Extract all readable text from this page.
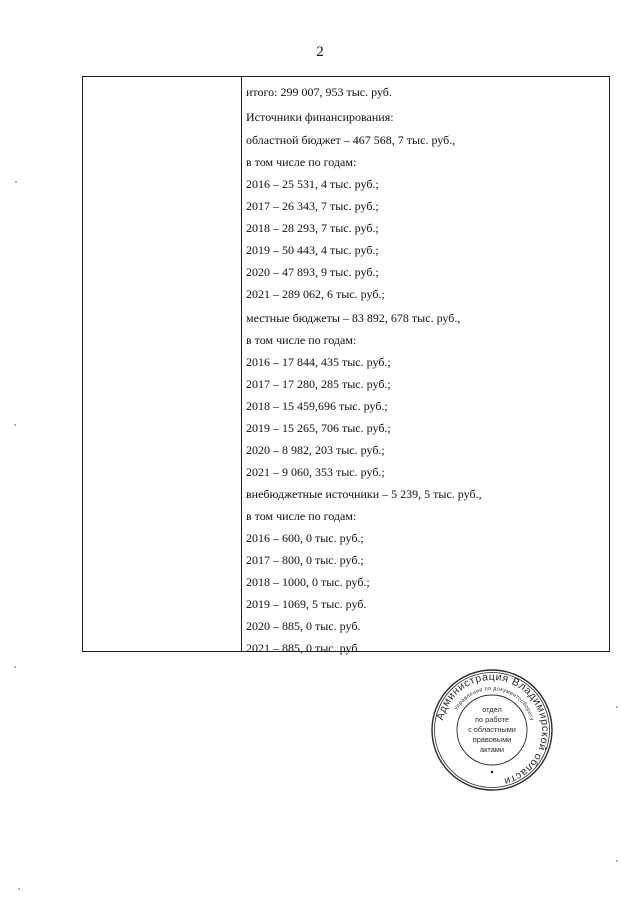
2
итого: 299 007, 953 тыс. руб.
Источники финансирования:
областной бюджет – 467 568, 7 тыс. руб.,
в том числе по годам:
2016 – 25 531, 4 тыс. руб.;
2017 – 26 343, 7 тыс. руб.;
2018 – 28 293, 7 тыс. руб.;
2019 – 50 443, 4 тыс. руб.;
2020 – 47 893, 9 тыс. руб.;
2021 – 289 062, 6 тыс. руб.;
местные бюджеты – 83 892, 678 тыс. руб.,
в том числе по годам:
2016 – 17 844, 435 тыс. руб.;
2017 – 17 280, 285 тыс. руб.;
2018 – 15 459,696 тыс. руб.;
2019 – 15 265, 706 тыс. руб.;
2020 – 8 982, 203 тыс. руб.;
2021 – 9 060, 353 тыс. руб.;
внебюджетные источники – 5 239, 5 тыс. руб.,
в том числе по годам:
2016 – 600, 0 тыс. руб.;
2017 – 800, 0 тыс. руб.;
2018 – 1000, 0 тыс. руб.;
2019 – 1069, 5 тыс. руб.
2020 – 885, 0 тыс. руб.
2021 – 885, 0 тыс. руб.
Администрация Владимирской области
Управление по документообороту
отдел
по работе
с областными
правовыми
актами
